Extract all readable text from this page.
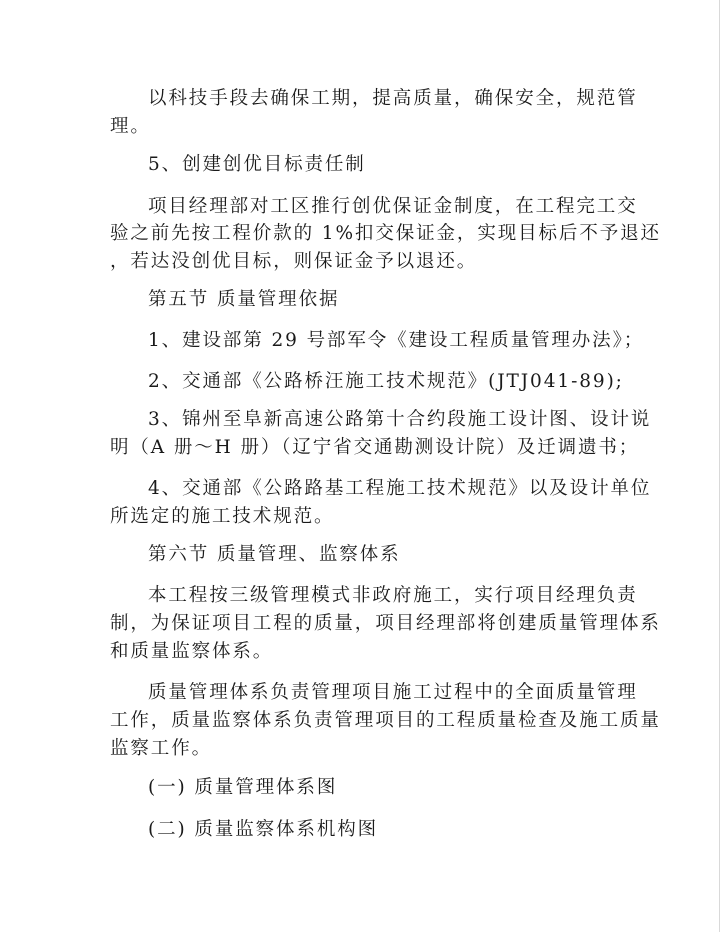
以科技手段去确保工期，提高质量，确保安全，规范管
理。
5、创建创优目标责任制
项目经理部对工区推行创优保证金制度，在工程完工交
验之前先按工程价款的 1%扣交保证金，实现目标后不予退还
，若达没创优目标，则保证金予以退还。
第五节 质量管理依据
1、建设部第 29 号部军令《建设工程质量管理办法》；
2、交通部《公路桥汪施工技术规范》(JTJ041-89);
3、锦州至阜新高速公路第十合约段施工设计图、设计说
明（A 册～H 册）（辽宁省交通勘测设计院）及迁调遗书；
4、交通部《公路路基工程施工技术规范》以及设计单位
所选定的施工技术规范。
第六节 质量管理、监察体系
本工程按三级管理模式非政府施工，实行项目经理负责
制，为保证项目工程的质量，项目经理部将创建质量管理体系
和质量监察体系。
质量管理体系负责管理项目施工过程中的全面质量管理
工作，质量监察体系负责管理项目的工程质量检查及施工质量
监察工作。
(一) 质量管理体系图
(二) 质量监察体系机构图
